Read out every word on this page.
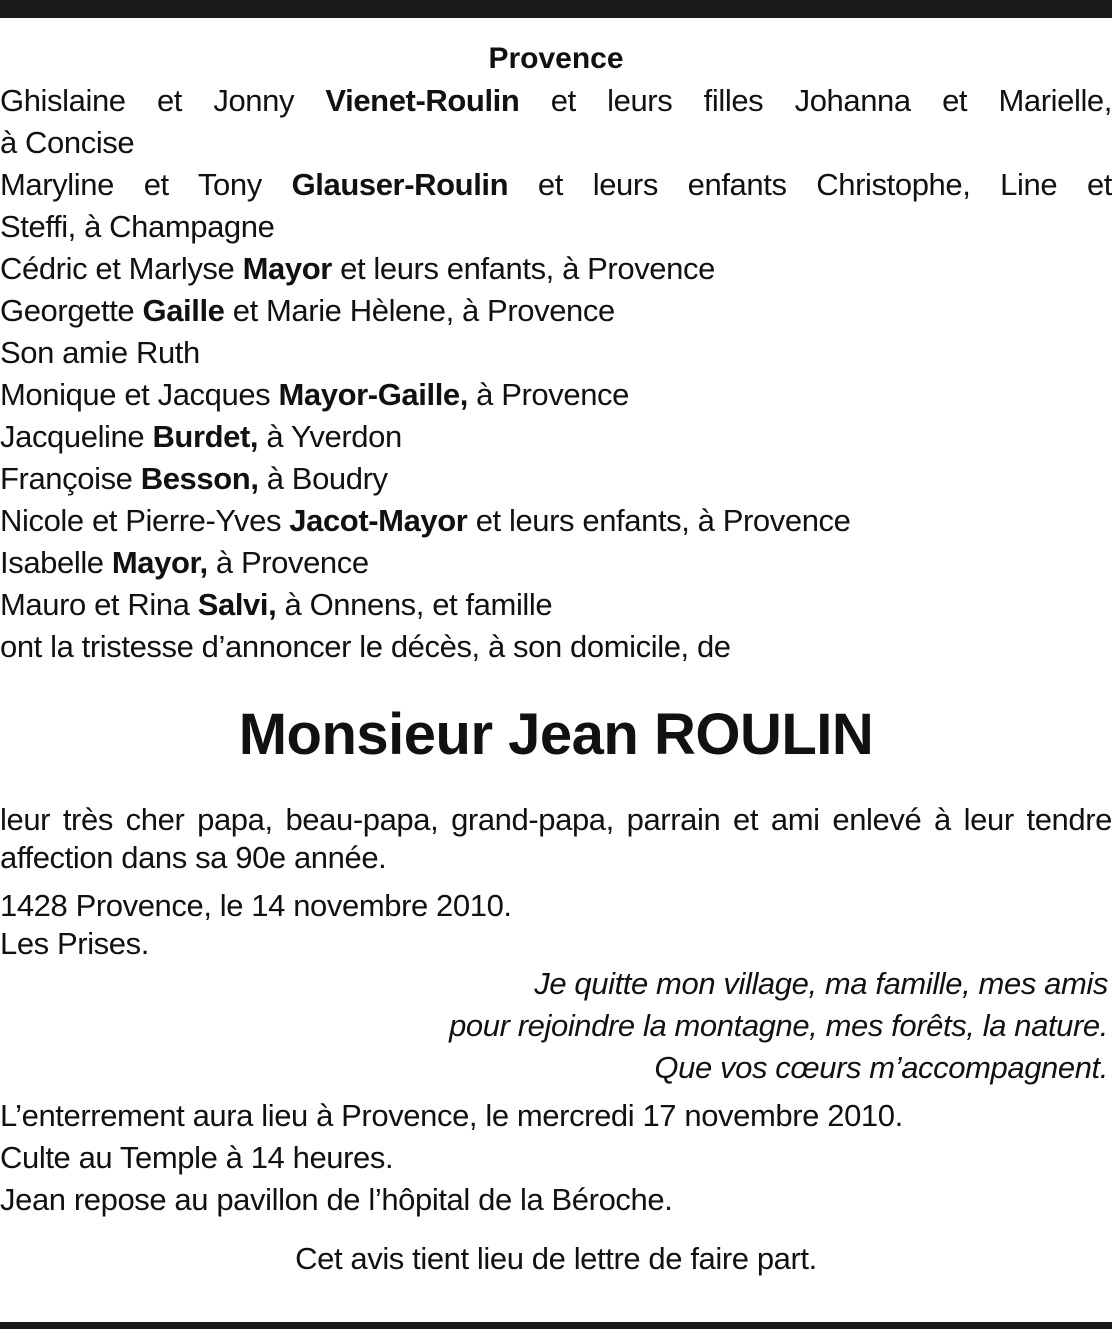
Provence
Ghislaine et Jonny Vienet-Roulin et leurs filles Johanna et Marielle,
à Concise
Maryline et Tony Glauser-Roulin et leurs enfants Christophe, Line et
Steffi, à Champagne
Cédric et Marlyse Mayor et leurs enfants, à Provence
Georgette Gaille et Marie Hèlene, à Provence
Son amie Ruth
Monique et Jacques Mayor-Gaille, à Provence
Jacqueline Burdet, à Yverdon
Françoise Besson, à Boudry
Nicole et Pierre-Yves Jacot-Mayor et leurs enfants, à Provence
Isabelle Mayor, à Provence
Mauro et Rina Salvi, à Onnens, et famille
ont la tristesse d’annoncer le décès, à son domicile, de
Monsieur Jean ROULIN

leur très cher papa, beau-papa, grand-papa, parrain et ami enlevé à leur tendre affection dans sa 90e année.

1428 Provence, le 14 novembre 2010.

Les Prises.

Je quitte mon village, ma famille, mes amis
pour rejoindre la montagne, mes forêts, la nature.
Que vos cœurs m’accompagnent.
L’enterrement aura lieu à Provence, le mercredi 17 novembre 2010.
Culte au Temple à 14 heures.
Jean repose au pavillon de l’hôpital de la Béroche.
Cet avis tient lieu de lettre de faire part.
